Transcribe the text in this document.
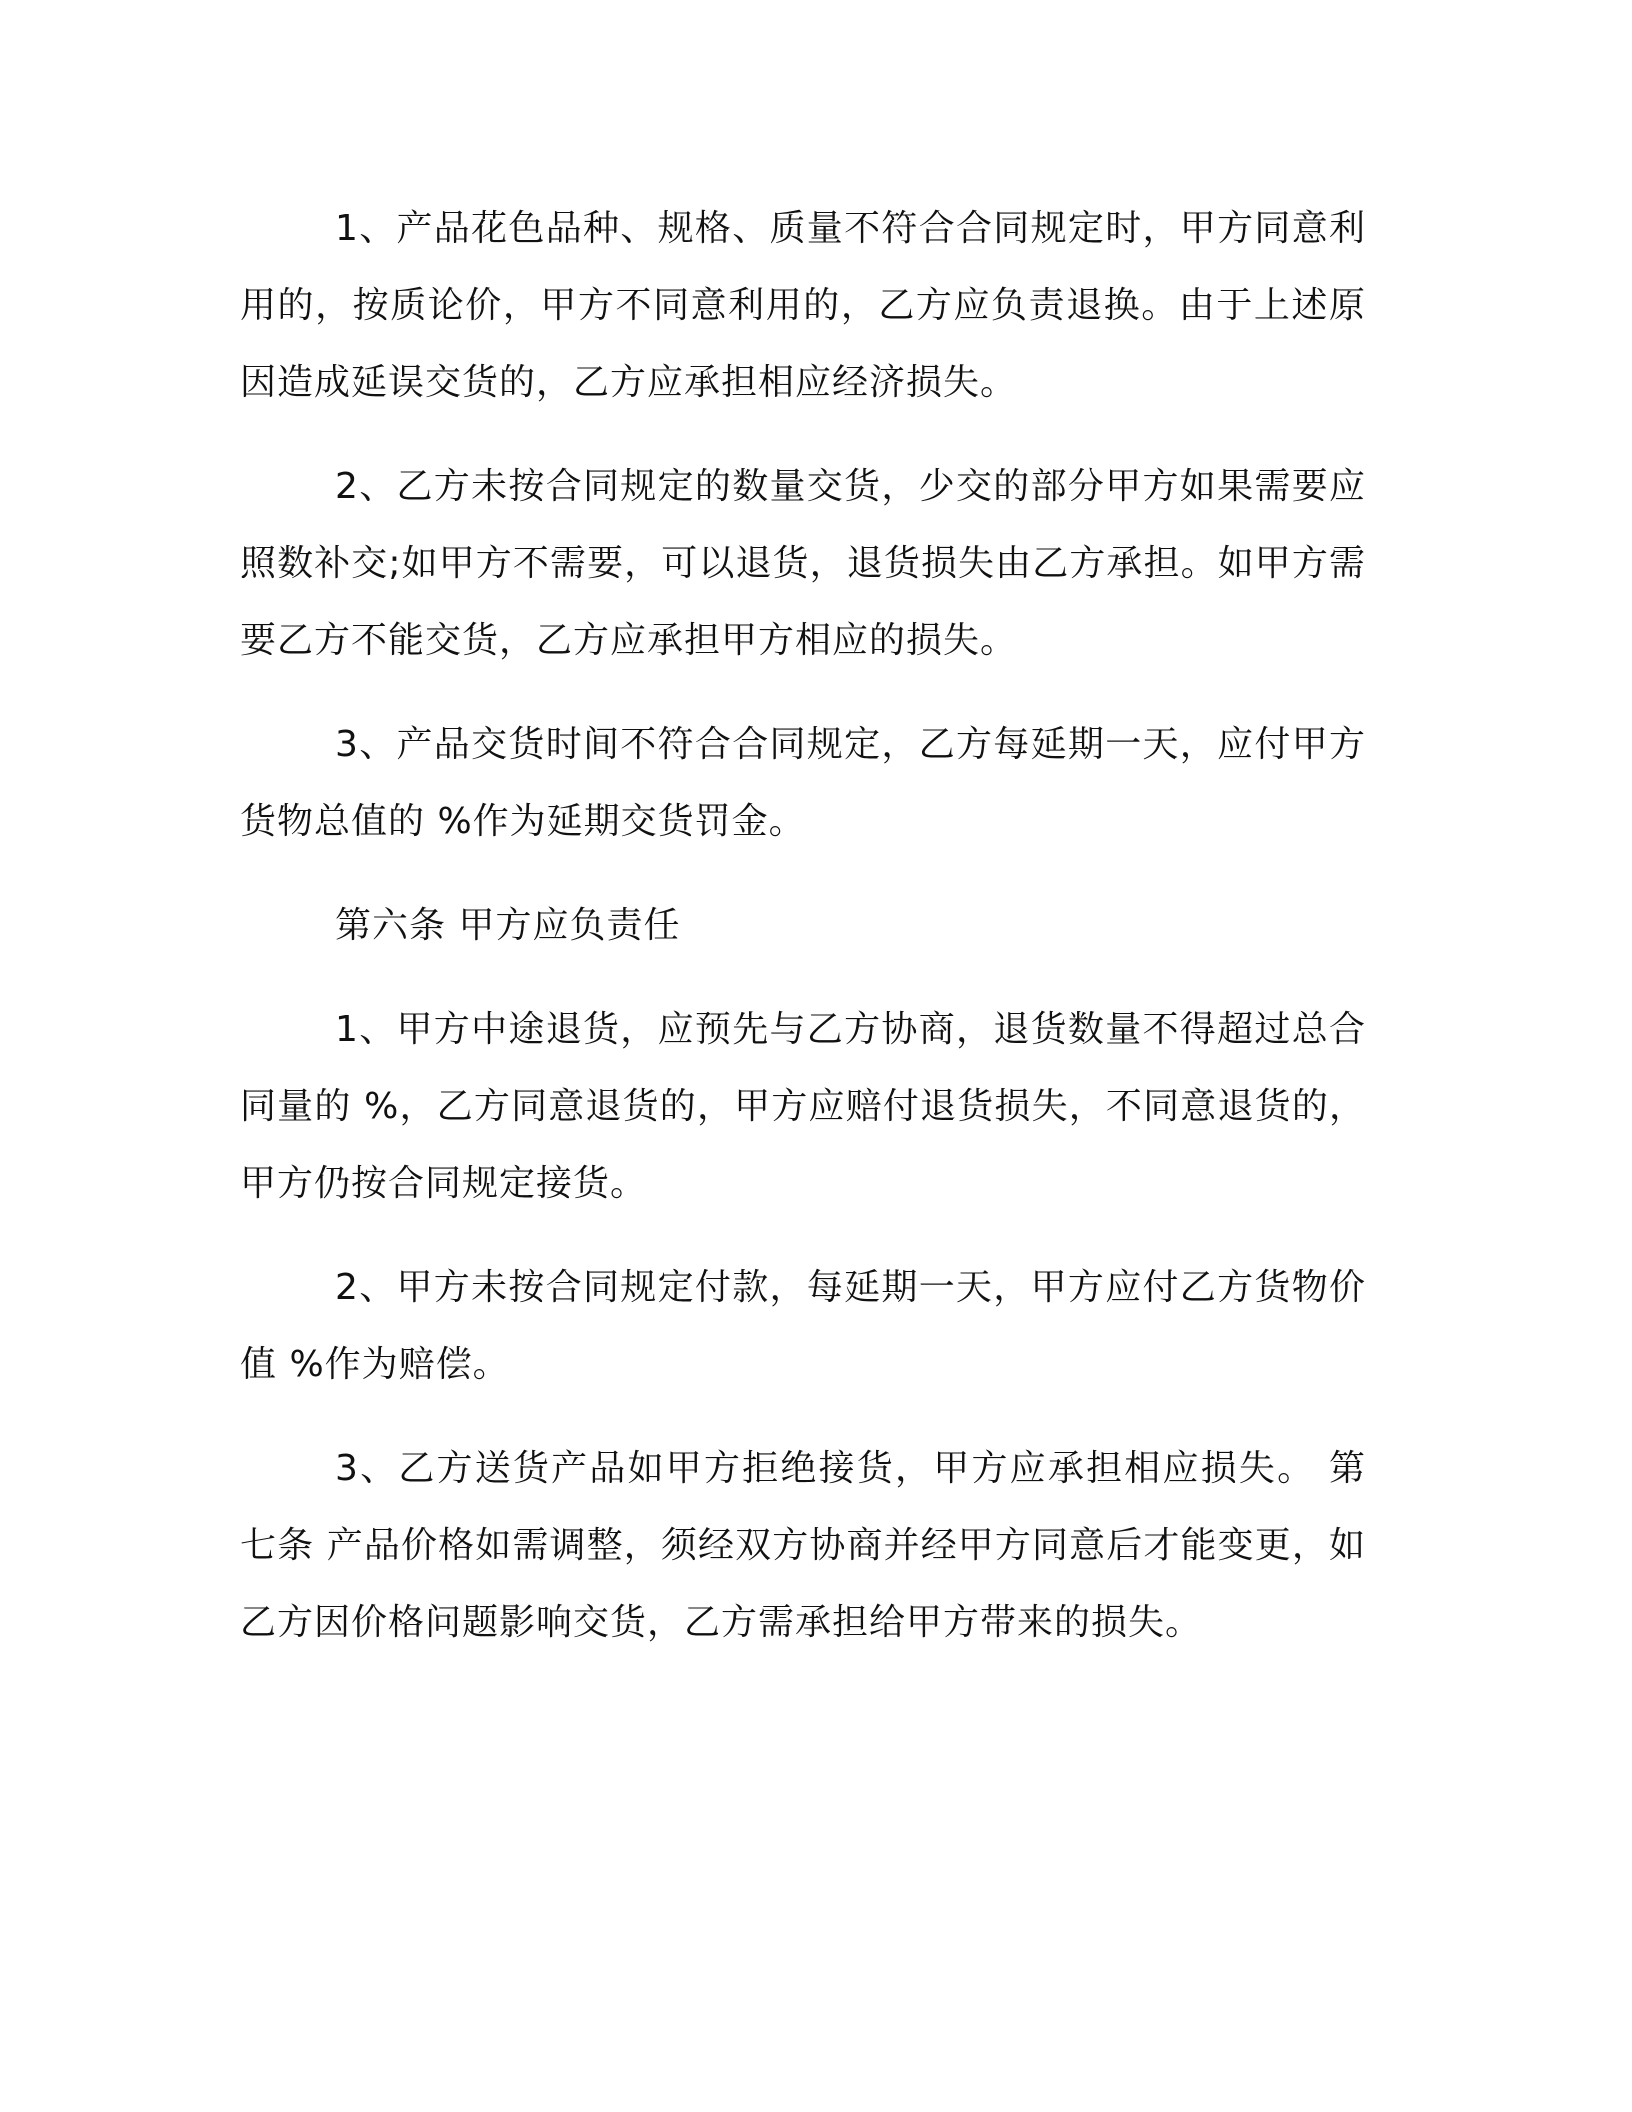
1、产品花色品种、规格、质量不符合合同规定时，甲方同意利用的，按质论价，甲方不同意利用的，乙方应负责退换。由于上述原因造成延误交货的，乙方应承担相应经济损失。

2、乙方未按合同规定的数量交货，少交的部分甲方如果需要应照数补交;如甲方不需要，可以退货，退货损失由乙方承担。如甲方需要乙方不能交货，乙方应承担甲方相应的损失。

3、产品交货时间不符合合同规定，乙方每延期一天，应付甲方货物总值的 %作为延期交货罚金。

第六条 甲方应负责任

1、甲方中途退货，应预先与乙方协商，退货数量不得超过总合同量的 %，乙方同意退货的，甲方应赔付退货损失，不同意退货的，甲方仍按合同规定接货。

2、甲方未按合同规定付款，每延期一天，甲方应付乙方货物价值 %作为赔偿。

3、乙方送货产品如甲方拒绝接货，甲方应承担相应损失。 第七条 产品价格如需调整，须经双方协商并经甲方同意后才能变更，如乙方因价格问题影响交货，乙方需承担给甲方带来的损失。
